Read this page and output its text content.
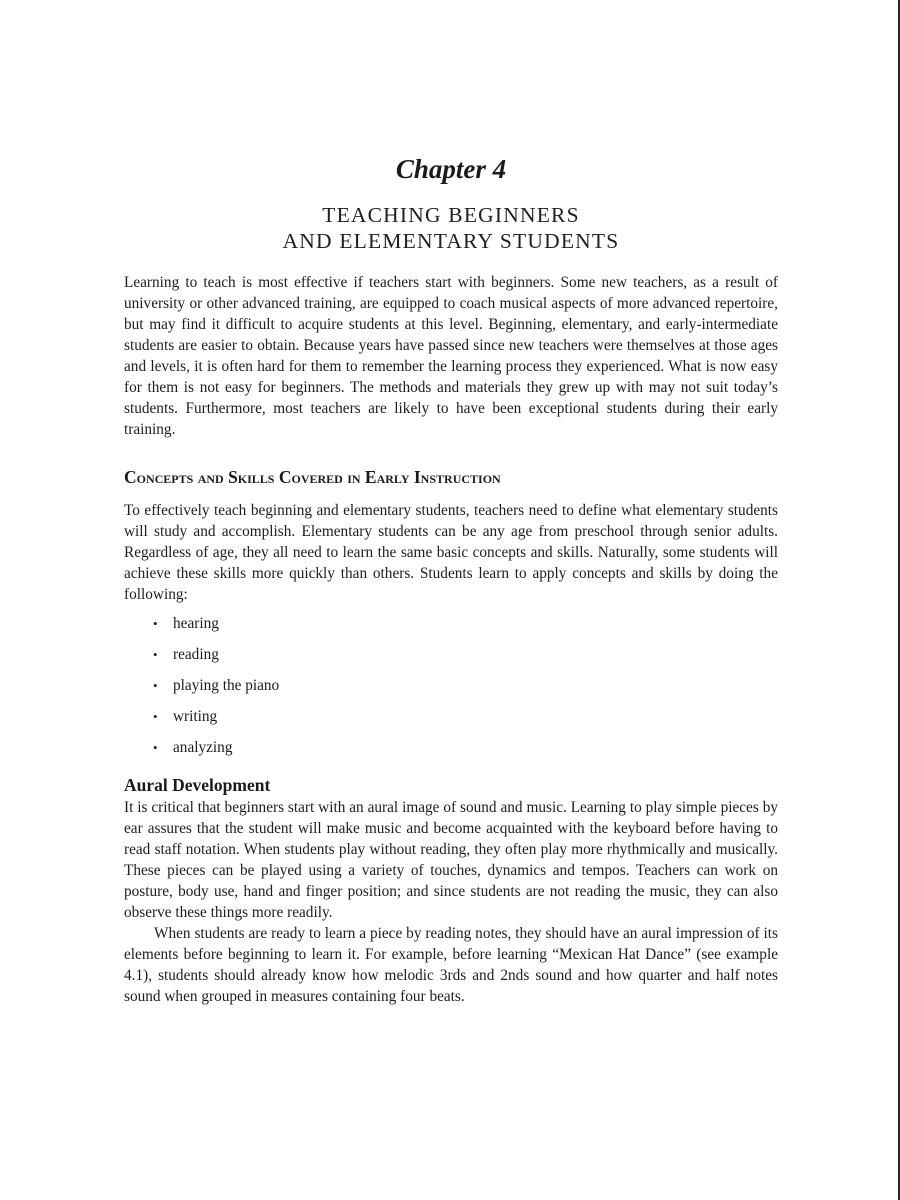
Chapter 4
TEACHING BEGINNERS
AND ELEMENTARY STUDENTS

Learning to teach is most effective if teachers start with beginners. Some new teachers, as a result of university or other advanced training, are equipped to coach musical aspects of more advanced repertoire, but may find it difficult to acquire students at this level. Beginning, elementary, and early-intermediate students are easier to obtain. Because years have passed since new teachers were themselves at those ages and levels, it is often hard for them to remember the learning process they experienced. What is now easy for them is not easy for beginners. The methods and materials they grew up with may not suit today’s students. Furthermore, most teachers are likely to have been exceptional students during their early training.

Concepts and Skills Covered in Early Instruction

To effectively teach beginning and elementary students, teachers need to define what elementary students will study and accomplish. Elementary students can be any age from preschool through senior adults. Regardless of age, they all need to learn the same basic concepts and skills. Naturally, some students will achieve these skills more quickly than others. Students learn to apply concepts and skills by doing the following:

• hearing
• reading
• playing the piano
• writing
• analyzing
Aural Development

It is critical that beginners start with an aural image of sound and music. Learning to play simple pieces by ear assures that the student will make music and become acquainted with the keyboard before having to read staff notation. When students play without reading, they often play more rhythmically and musically. These pieces can be played using a variety of touches, dynamics and tempos. Teachers can work on posture, body use, hand and finger position; and since students are not reading the music, they can also observe these things more readily.

When students are ready to learn a piece by reading notes, they should have an aural impression of its elements before beginning to learn it. For example, before learning “Mexican Hat Dance” (see example 4.1), students should already know how melodic 3rds and 2nds sound and how quarter and half notes sound when grouped in measures containing four beats.
